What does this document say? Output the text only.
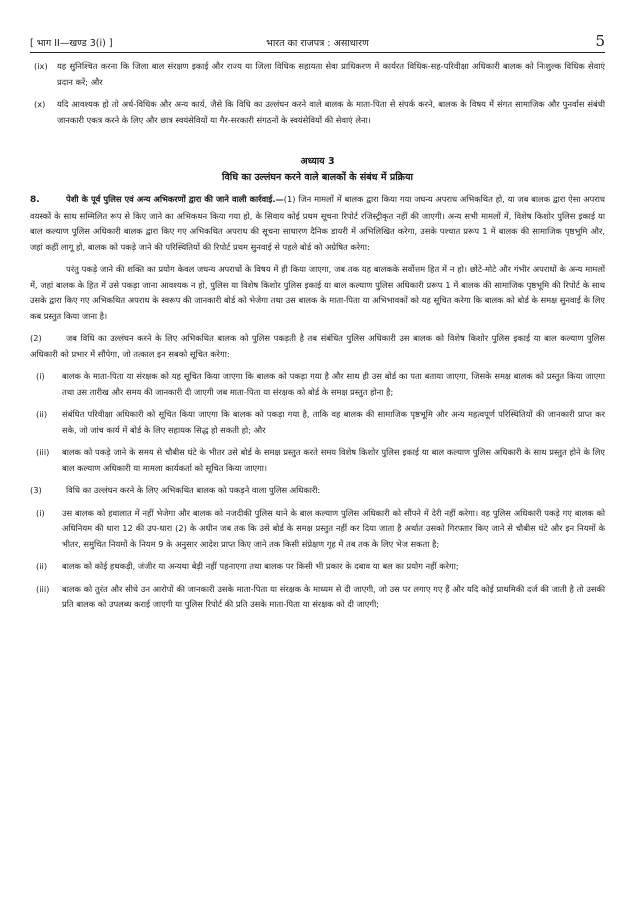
[ भाग II—खण्ड 3(i) ]	भारत का राजपत्र : असाधारण	5
(ix)	यह सुनिश्चित करना कि जिला बाल संरक्षण इकाई और राज्य या जिला विधिक सहायता सेवा प्राधिकरण में कार्यरत विधिक-सह-परिवीक्षा अधिकारी बालक को निःशुल्क विधिक सेवाएं प्रदान करें; और
(x)	यदि आवश्यक हो तो अर्ध-विधिक और अन्य कार्य, जैसे कि विधि का उल्लंघन करने वाले बालक के माता-पिता से संपर्क करने, बालक के विषय में संगत सामाजिक और पुनर्वास संबंधी जानकारी एकत्र करने के लिए और छात्र स्वयंसेवियों या गैर-सरकारी संगठनों के स्वयंसेवियों की सेवाएं लेना।

अध्याय 3

विधि का उल्लंघन करने वाले बालकों के संबंध में प्रक्रिया

8.	पेशी के पूर्व पुलिस एवं अन्य अभिकरणों द्वारा की जाने वाली कार्रवाई.—(1) जिन मामलों में बालक द्वारा किया गया जघन्य अपराध अभिकथित हो, या जब बालक द्वारा ऐसा अपराध वयस्कों के साथ सम्मिलित रूप से किए जाने का अभिकथन किया गया हो, के सिवाय कोई प्रथम सूचना रिपोर्ट रजिस्ट्रीकृत नहीं की जाएगी। अन्य सभी मामलों में, विशेष किशोर पुलिस इकाई या बाल कल्याण पुलिस अधिकारी बालक द्वारा किए गए अभिकथित अपराध की सूचना साधारण दैनिक डायरी में अभिलिखित करेगा, उसके पश्चात प्ररूप 1 में बालक की सामाजिक पृष्ठभूमि और, जहां कहीं लागू हो, बालक को पकड़े जाने की परिस्थितियों की रिपोर्ट प्रथम सुनवाई से पहले बोर्ड को अग्रेषित करेगा:

परंतु पकड़े जाने की शक्ति का प्रयोग केवल जघन्य अपराधों के विषय में ही किया जाएगा, जब तक यह बालकके सर्वोत्तम हित में न हो। छोटे-मोटे और गंभीर अपराधों के अन्य मामलों में, जहां बालक के हित में उसे पकड़ा जाना आवश्यक न हो, पुलिस या विशेष किशोर पुलिस इकाई या बाल कल्याण पुलिस अधिकारी प्ररूप 1 में बालक की सामाजिक पृष्ठभूमि की रिपोर्ट के साथ उसके द्वारा किए गए अभिकथित अपराध के स्वरूप की जानकारी बोर्ड को भेजेगा तथा उस बालक के माता-पिता या अभिभावकों को यह सूचित करेगा कि बालक को बोर्ड के समक्ष सुनवाई के लिए कब प्रस्तुत किया जाना है।

(2)	जब विधि का उल्लंघन करने के लिए अभिकथित बालक को पुलिस पकड़ती है तब संबंधित पुलिस अधिकारी उस बालक को विशेष किशोर पुलिस इकाई या बाल कल्याण पुलिस अधिकारी को प्रभार में सौंपेगा, जो तत्काल इन सबको सूचित करेगा:

(i)	बालक के माता-पिता या संरक्षक को यह सूचित किया जाएगा कि बालक को पकड़ा गया है और साथ ही उस बोर्ड का पता बताया जाएगा, जिसके समक्ष बालक को प्रस्तुत किया जाएगा तथा उस तारीख और समय की जानकारी दी जाएगी जब माता-पिता या संरक्षक को बोर्ड के समक्ष प्रस्तुत होना है;
(ii)	संबंधित परिवीक्षा अधिकारी को सूचित किया जाएगा कि बालक को पकड़ा गया है, ताकि वह बालक की सामाजिक पृष्ठभूमि और अन्य महत्वपूर्ण परिस्थितियों की जानकारी प्राप्त कर सके, जो जांच कार्य में बोर्ड के लिए सहायक सिद्ध हो सकती हो; और
(iii)	बालक को पकड़े जाने के समय से चौबीस घंटे के भीतर उसे बोर्ड के समक्ष प्रस्तुत करते समय विशेष किशोर पुलिस इकाई या बाल कल्याण पुलिस अधिकारी के साथ प्रस्तुत होने के लिए बाल कल्याण अधिकारी या मामला कार्यकर्ता को सूचित किया जाएगा।

(3)	विधि का उल्लंघन करने के लिए अभिकथित बालक को पकड़ने वाला पुलिस अधिकारी:

(i)	उस बालक को हवालात में नहीं भेजेगा और बालक को नजदीकी पुलिस थाने के बाल कल्याण पुलिस अधिकारी को सौंपने में देरी नहीं करेगा। वह पुलिस अधिकारी पकड़े गए बालक को अधिनियम की धारा 12 की उप-धारा (2) के अधीन जब तक कि उसे बोर्ड के समक्ष प्रस्तुत नहीं कर दिया जाता है अर्थात उसको गिरफ्तार किए जाने से चौबीस घंटे और इन नियमों के भीतर, समुचित नियमों के नियम 9 के अनुसार आदेश प्राप्त किए जाने तक किसी संप्रेक्षण गृह में तब तक के लिए भेज सकता है;
(ii)	बालक को कोई हथकड़ी, जंजीर या अन्यथा बेड़ी नहीं पहनाएगा तथा बालक पर किसी भी प्रकार के दबाव या बल का प्रयोग नहीं करेगा;
(iii)	बालक को तुरंत और सीधे उन आरोपों की जानकारी उसके माता-पिता या संरक्षक के माध्यम से दी जाएगी, जो उस पर लगाए गए हैं और यदि कोई प्राथमिकी दर्ज की जाती है तो उसकी प्रति बालक को उपलब्ध कराई जाएगी या पुलिस रिपोर्ट की प्रति उसके माता-पिता या संरक्षक को दी जाएगी;
